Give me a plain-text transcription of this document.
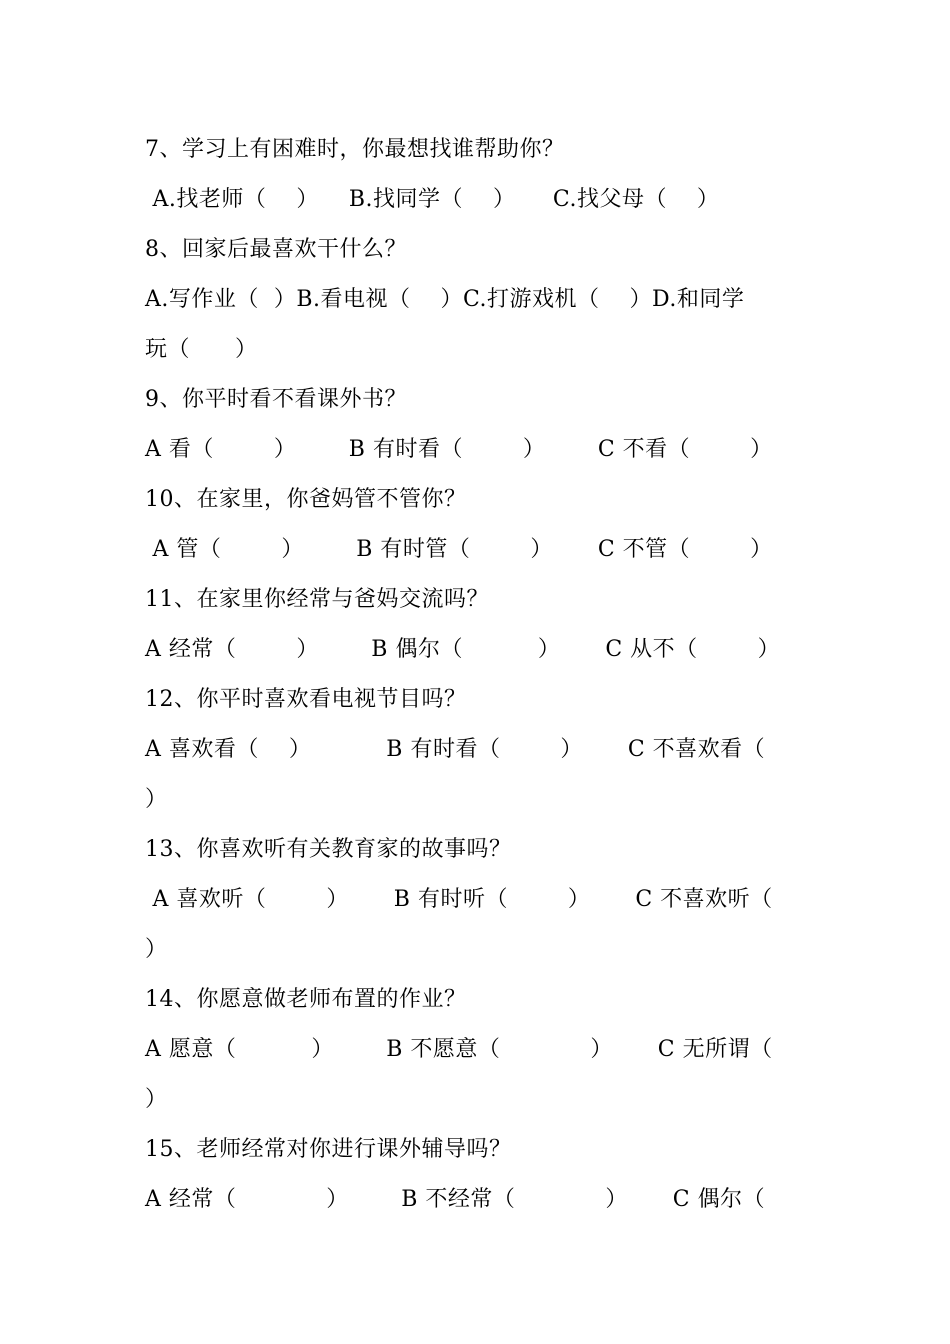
7、学习上有困难时，你最想找谁帮助你？
A.找老师（    ）    B.找同学（    ）     C.找父母（    ）
8、回家后最喜欢干什么？
A.写作业（  ）B.看电视（    ）C.打游戏机（    ）D.和同学
玩（      ）
9、你平时看不看课外书？
A 看（        ）       B 有时看（        ）       C 不看（        ）
10、在家里，你爸妈管不管你？
A 管（        ）       B 有时管（        ）      C 不管（        ）
11、在家里你经常与爸妈交流吗？
A 经常（        ）       B 偶尔（          ）      C 从不（        ）
12、你平时喜欢看电视节目吗？
A 喜欢看（    ）          B 有时看（        ）      C 不喜欢看（
）
13、你喜欢听有关教育家的故事吗？
A 喜欢听（        ）      B 有时听（        ）      C 不喜欢听（
）
14、你愿意做老师布置的作业？
A 愿意（          ）       B 不愿意（            ）      C 无所谓（
）
15、老师经常对你进行课外辅导吗？
A 经常（            ）       B 不经常（            ）      C 偶尔（
